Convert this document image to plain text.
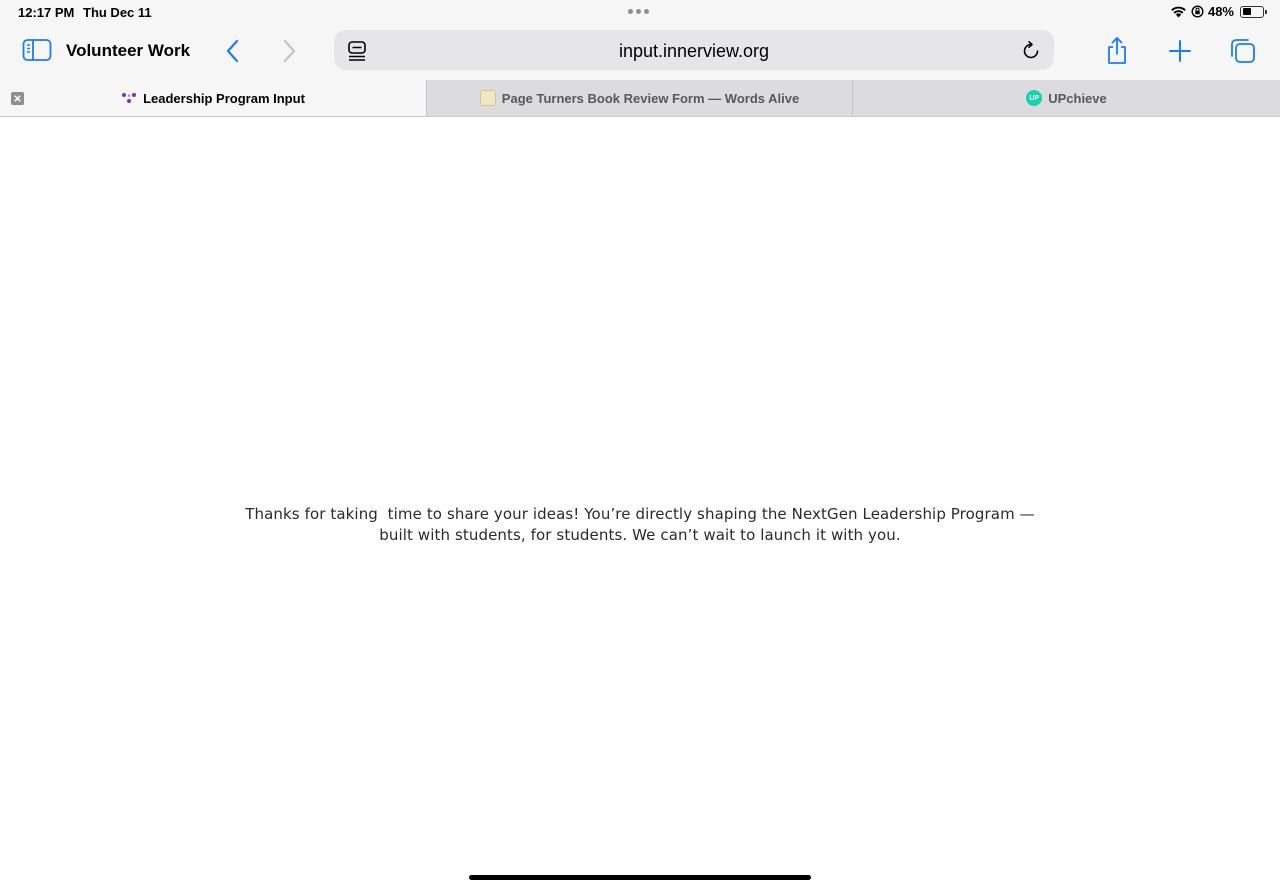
12:17 PM Thu Dec 11	48%
Volunteer Work	input.innerview.org
Leadership Program Input	Page Turners Book Review Form — Words Alive	UP UPchieve
Thanks for taking  time to share your ideas! You’re directly shaping the NextGen Leadership Program —
built with students, for students. We can’t wait to launch it with you.
